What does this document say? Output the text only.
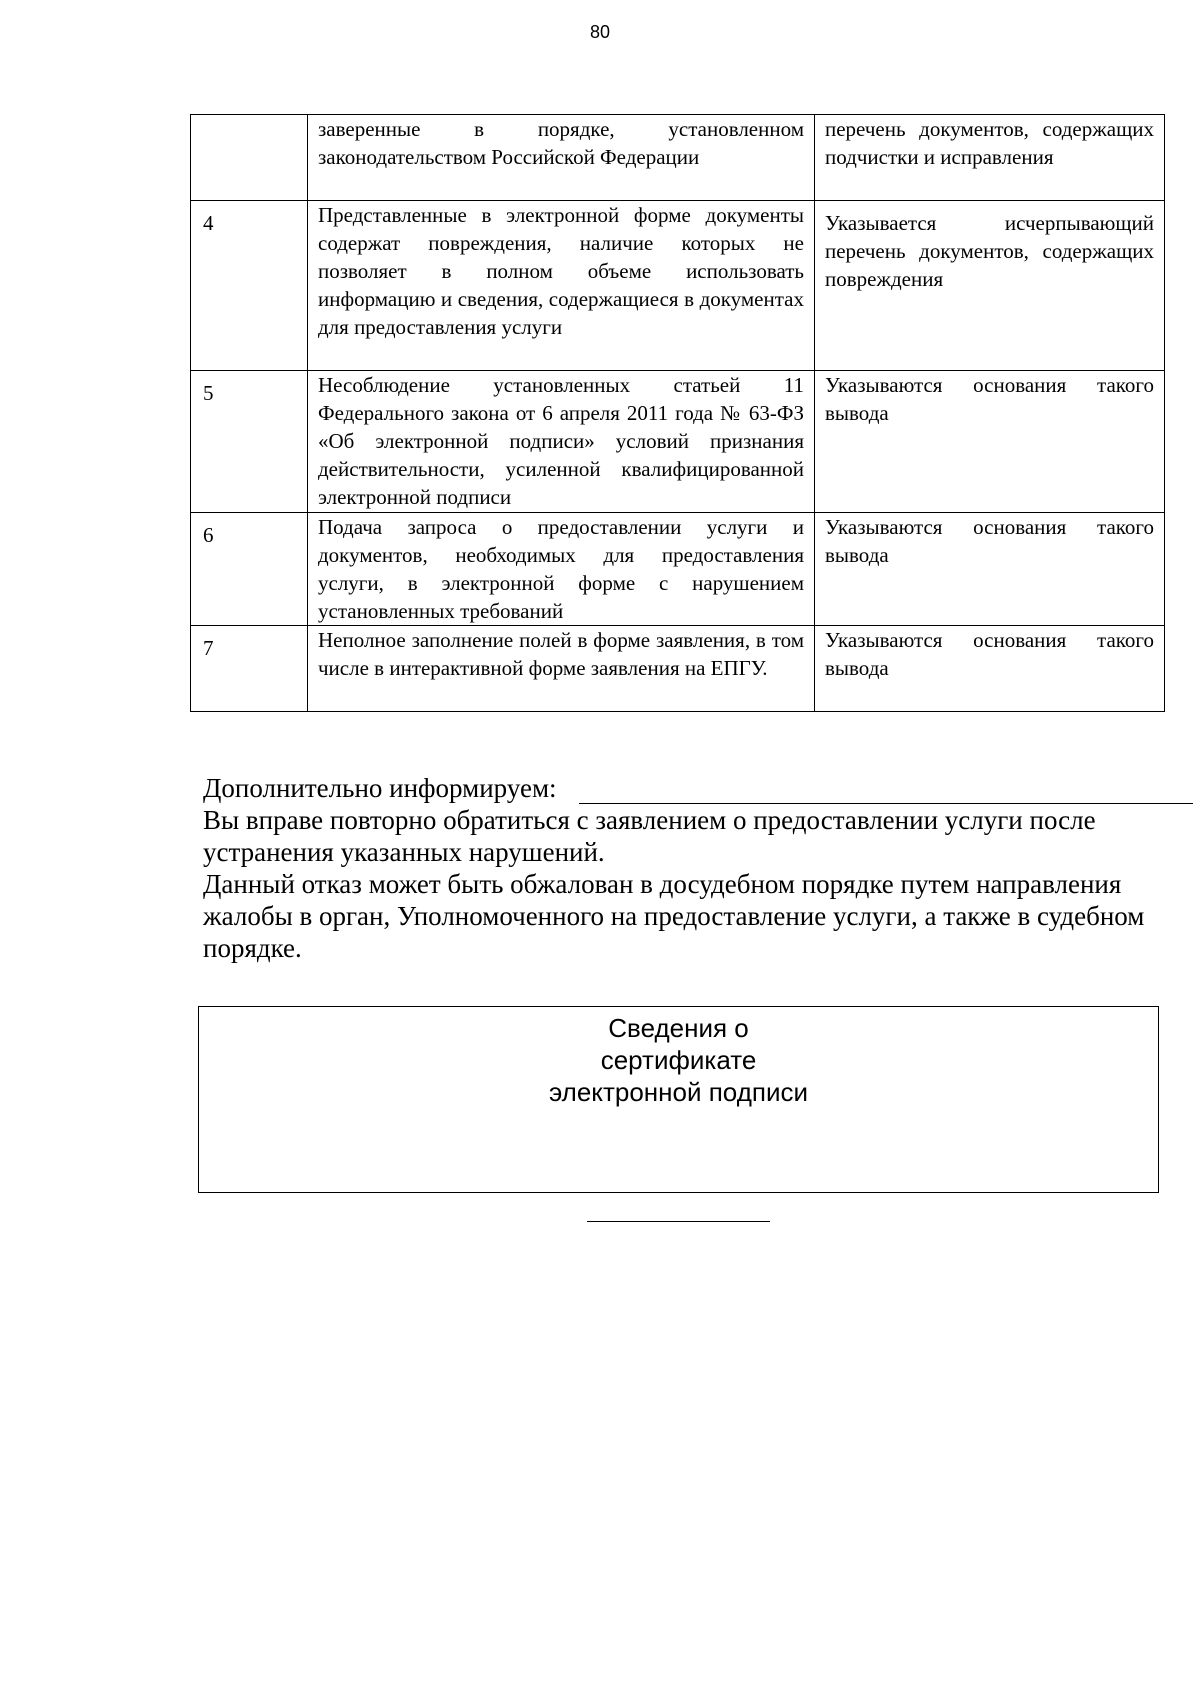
80
	заверенные в порядке, установленном законодательством Российской Федерации	перечень документов, содержащих подчистки и исправления
4	Представленные в электронной форме документы содержат повреждения, наличие которых не позволяет в полном объеме использовать информацию и сведения, содержащиеся в документах для предоставления услуги	Указывается исчерпывающий перечень документов, содержащих повреждения
5	Несоблюдение установленных статьей 11 Федерального закона от 6 апреля 2011 года № 63-ФЗ «Об электронной подписи» условий признания действительности, усиленной квалифицированной электронной подписи	Указываются основания такого вывода
6	Подача запроса о предоставлении услуги и документов, необходимых для предоставления услуги, в электронной форме с нарушением установленных требований	Указываются основания такого вывода
7	Неполное заполнение полей в форме заявления, в том числе в интерактивной форме заявления на ЕПГУ.	Указываются основания такого вывода
Дополнительно информируем:

Вы вправе повторно обратиться с заявлением о предоставлении услуги после устранения указанных нарушений.

Данный отказ может быть обжалован в досудебном порядке путем направления жалобы в орган, Уполномоченного на предоставление услуги, а также в судебном порядке.

Сведения о сертификате электронной подписи
